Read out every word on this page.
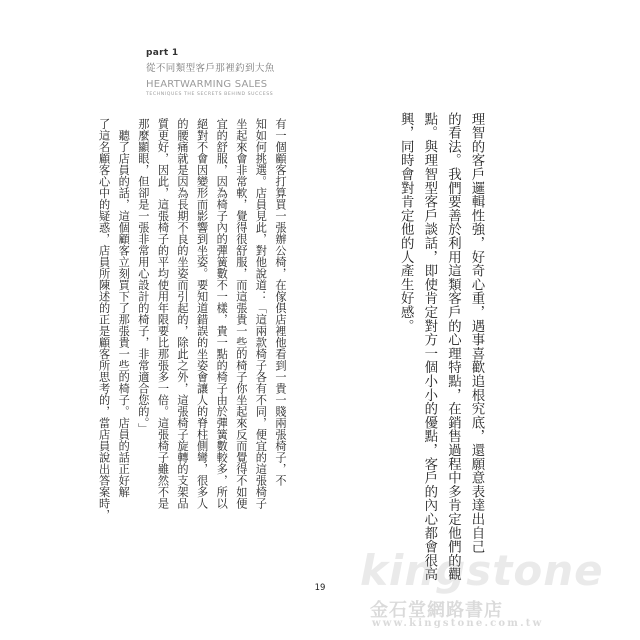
part 1
從不同類型客戶那裡釣到大魚
HEARTWARMING SALES
TECHNIQUES THE SECRETS BEHIND SUCCESS
理智的客戶邏輯性強，好奇心重，遇事喜歡追根究底，還願意表達出自己
的看法。我們要善於利用這類客戶的心理特點，在銷售過程中多肯定他們的觀
點。與理智型客戶談話，即使肯定對方一個小小的優點，客戶的內心都會很高
興，同時會對肯定他的人產生好感。
有一個顧客打算買一張辦公椅，在傢俱店裡他看到一貴一賤兩張椅子，不
知如何挑選。店員見此，對他說道：「這兩款椅子各有不同，便宜的這張椅子
坐起來會非常軟，覺得很舒服，而這張貴一些的椅子你坐起來反而覺得不如便
宜的舒服，因為椅子內的彈簧數不一樣，貴一點的椅子由於彈簧數較多，所以
絕對不會因變形而影響到坐姿。要知道錯誤的坐姿會讓人的脊柱側彎，很多人
的腰痛就是因為長期不良的坐姿而引起的，除此之外，這張椅子旋轉的支架品
質更好，因此，這張椅子的平均使用年限要比那張多一倍。這張椅子雖然不是
那麼顯眼，但卻是一張非常用心設計的椅子，非常適合您的。」
　聽了店員的話，這個顧客立刻買下了那張貴一些的椅子。店員的話正好解
了這名顧客心中的疑惑，店員所陳述的正是顧客所思考的，當店員說出答案時，
19 kingstone
金石堂網路書店
www.kingstone.com.tw
